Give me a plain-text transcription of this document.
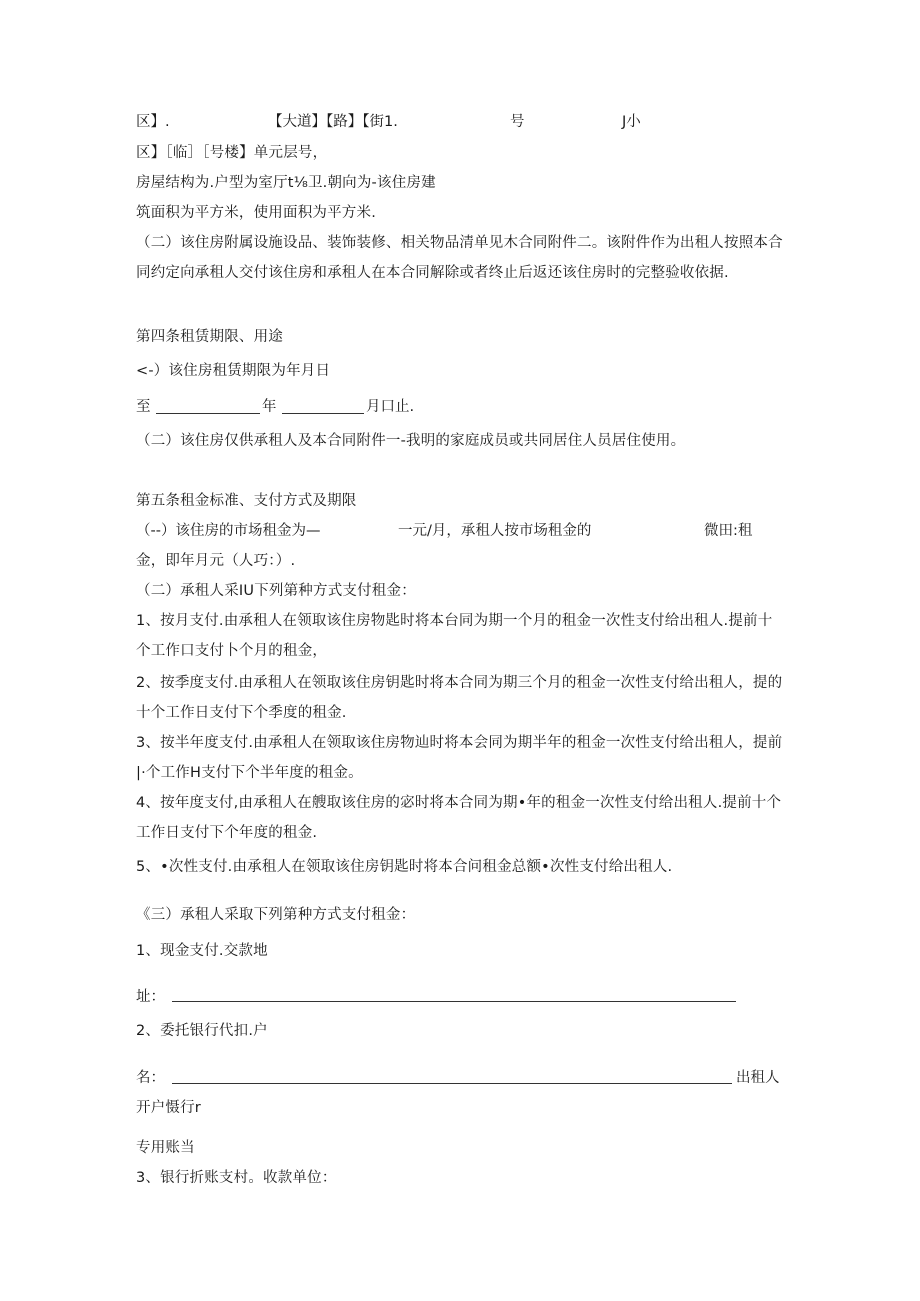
区】.	【大道】【路】【街1.	号	J小
区】［临］［号楼】单元层号，
房屋结构为.户型为室厅t⅛卫.朝向为-该住房建
筑面积为平方米，使用面积为平方米.
（二）该住房附属设施设品、装饰装修、相关物品清单见木合同附件二。该附件作为出租人按照本合
同约定向承租人交付该住房和承租人在本合同解除或者终止后返还该住房时的完整验收依据.
第四条租赁期限、用途
<-）该住房租赁期限为年月日
至	年	月口止.
（二）该住房仅供承租人及本合同附件一-我明的家庭成员或共同居住人员居住使用。
第五条租金标准、支付方式及期限
（--）该住房的市场租金为—	一元/月，承租人按市场租金的	微田:租
金，即年月元（人巧：）.
（二）承租人采IU下列第种方式支付租金：
1、按月支付.由承租人在领取该住房物匙时将本台同为期一个月的租金一次性支付给出租人.提前十
个工作口支付卜个月的租金，
2、按季度支付.由承租人在领取该住房钥匙时将本合同为期三个月的租金一次性支付给出租人，提的
十个工作日支付下个季度的租金.
3、按半年度支付.由承租人在领取该住房物辿时将本会同为期半年的租金一次性支付给出租人，提前
|·个工作H支付下个半年度的租金。
4、按年度支付,由承租人在艘取该住房的宓时将本合同为期•年的租金一次性支付给出租人.提前十个
工作日支付下个年度的租金.
5、•次性支付.由承租人在领取该住房钥匙时将本合问租金总额•次性支付给出租人.
《三）承租人采取下列第种方式支付租金：
1、现金支付.交款地
址：
2、委托银行代扣.户
名：	出租人
开户慑行r
专用账当
3、银行折账支村。收款单位：
